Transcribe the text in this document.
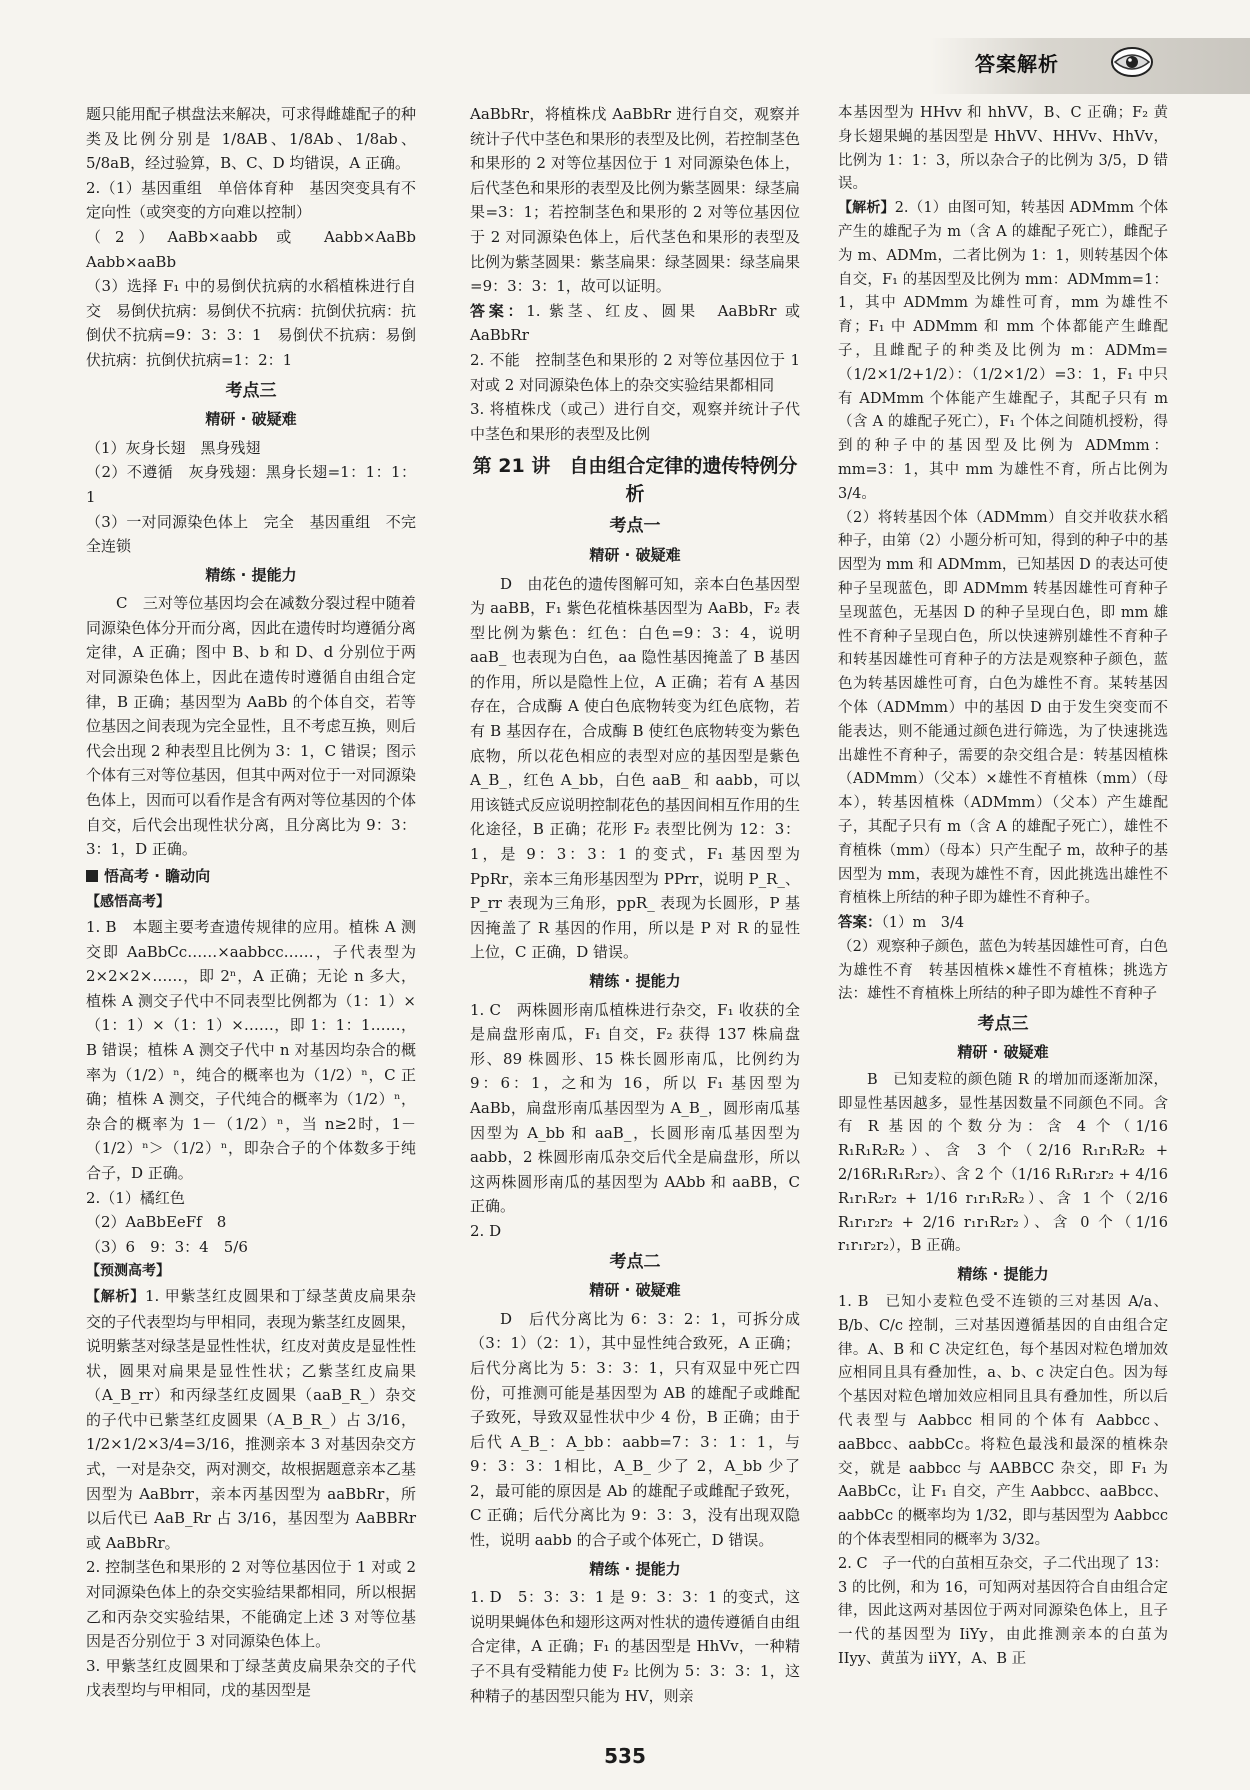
答案解析

题只能用配子棋盘法来解决，可求得雌雄配子的种类及比例分别是 1/8AB、1/8Ab、1/8ab、5/8aB，经过验算，B、C、D 均错误，A 正确。

2.（1）基因重组　单倍体育种　基因突变具有不定向性（或突变的方向难以控制）

（2）AaBb×aabb 或 Aabb×AaBb　Aabb×aaBb

（3）选择 F₁ 中的易倒伏抗病的水稻植株进行自交　易倒伏抗病：易倒伏不抗病：抗倒伏抗病：抗倒伏不抗病=9：3：3：1　易倒伏不抗病：易倒伏抗病：抗倒伏抗病=1：2：1

考点三
精研 · 破疑难

（1）灰身长翅　黑身残翅

（2）不遵循　灰身残翅：黑身长翅=1：1：1：1

（3）一对同源染色体上　完全　基因重组　不完全连锁

精练 · 提能力

C　三对等位基因均会在减数分裂过程中随着同源染色体分开而分离，因此在遗传时均遵循分离定律，A 正确；图中 B、b 和 D、d 分别位于两对同源染色体上，因此在遗传时遵循自由组合定律，B 正确；基因型为 AaBb 的个体自交，若等位基因之间表现为完全显性，且不考虑互换，则后代会出现 2 种表型且比例为 3：1，C 错误；图示个体有三对等位基因，但其中两对位于一对同源染色体上，因而可以看作是含有两对等位基因的个体自交，后代会出现性状分离，且分离比为 9：3：3：1，D 正确。

悟高考 · 瞻动向
【感悟高考】

1. B　本题主要考查遗传规律的应用。植株 A 测交即 AaBbCc……×aabbcc……，子代表型为2×2×2×……，即 2ⁿ，A 正确；无论 n 多大，植株 A 测交子代中不同表型比例都为（1：1）×（1：1）×（1：1）×……，即 1：1：1……，B 错误；植株 A 测交子代中 n 对基因均杂合的概率为（1/2）ⁿ，纯合的概率也为（1/2）ⁿ，C 正确；植株 A 测交，子代纯合的概率为（1/2）ⁿ，杂合的概率为 1－（1/2）ⁿ，当 n≥2时，1－（1/2）ⁿ＞（1/2）ⁿ，即杂合子的个体数多于纯合子，D 正确。

2.（1）橘红色

（2）AaBbEeFf　8

（3）6　9：3：4　5/6

【预测高考】

【解析】1. 甲紫茎红皮圆果和丁绿茎黄皮扁果杂交的子代表型均与甲相同，表现为紫茎红皮圆果，说明紫茎对绿茎是显性性状，红皮对黄皮是显性性状，圆果对扁果是显性性状；乙紫茎红皮扁果（A_B_rr）和丙绿茎红皮圆果（aaB_R_）杂交的子代中已紫茎红皮圆果（A_B_R_）占 3/16，1/2×1/2×3/4=3/16，推测亲本 3 对基因杂交方式，一对是杂交，两对测交，故根据题意亲本乙基因型为 AaBbrr，亲本丙基因型为 aaBbRr，所以后代已 AaB_Rr 占 3/16，基因型为 AaBBRr 或 AaBbRr。

2. 控制茎色和果形的 2 对等位基因位于 1 对或 2 对同源染色体上的杂交实验结果都相同，所以根据乙和丙杂交实验结果，不能确定上述 3 对等位基因是否分别位于 3 对同源染色体上。

3. 甲紫茎红皮圆果和丁绿茎黄皮扁果杂交的子代戊表型均与甲相同，戊的基因型是

AaBbRr，将植株戊 AaBbRr 进行自交，观察并统计子代中茎色和果形的表型及比例，若控制茎色和果形的 2 对等位基因位于 1 对同源染色体上，后代茎色和果形的表型及比例为紫茎圆果：绿茎扁果=3：1；若控制茎色和果形的 2 对等位基因位于 2 对同源染色体上，后代茎色和果形的表型及比例为紫茎圆果：紫茎扁果：绿茎圆果：绿茎扁果=9：3：3：1，故可以证明。

答案：1. 紫茎、红皮、圆果　AaBbRr 或 AaBbRr

2. 不能　控制茎色和果形的 2 对等位基因位于 1 对或 2 对同源染色体上的杂交实验结果都相同

3. 将植株戊（或己）进行自交，观察并统计子代中茎色和果形的表型及比例

第 21 讲　自由组合定律的遗传特例分析
考点一
精研 · 破疑难

D　由花色的遗传图解可知，亲本白色基因型为 aaBB，F₁ 紫色花植株基因型为 AaBb，F₂ 表型比例为紫色：红色：白色=9：3：4，说明 aaB_ 也表现为白色，aa 隐性基因掩盖了 B 基因的作用，所以是隐性上位，A 正确；若有 A 基因存在，合成酶 A 使白色底物转变为红色底物，若有 B 基因存在，合成酶 B 使红色底物转变为紫色底物，所以花色相应的表型对应的基因型是紫色 A_B_，红色 A_bb，白色 aaB_ 和 aabb，可以用该链式反应说明控制花色的基因间相互作用的生化途径，B 正确；花形 F₂ 表型比例为 12：3：1，是 9：3：3：1 的变式，F₁ 基因型为 PpRr，亲本三角形基因型为 PPrr，说明 P_R_、P_rr 表现为三角形，ppR_ 表现为长圆形，P 基因掩盖了 R 基因的作用，所以是 P 对 R 的显性上位，C 正确，D 错误。

精练 · 提能力

1. C　两株圆形南瓜植株进行杂交，F₁ 收获的全是扁盘形南瓜，F₁ 自交，F₂ 获得 137 株扁盘形、89 株圆形、15 株长圆形南瓜，比例约为 9：6：1，之和为 16，所以 F₁ 基因型为 AaBb，扁盘形南瓜基因型为 A_B_，圆形南瓜基因型为 A_bb 和 aaB_，长圆形南瓜基因型为 aabb，2 株圆形南瓜杂交后代全是扁盘形，所以这两株圆形南瓜的基因型为 AAbb 和 aaBB，C 正确。

2. D

考点二
精研 · 破疑难

D　后代分离比为 6：3：2：1，可拆分成（3：1）（2：1），其中显性纯合致死，A 正确；后代分离比为 5：3：3：1，只有双显中死亡四份，可推测可能是基因型为 AB 的雄配子或雌配子致死，导致双显性状中少 4 份，B 正确；由于后代 A_B_：A_bb：aabb=7：3：1：1，与 9：3：3：1相比，A_B_ 少了 2，A_bb 少了 2，最可能的原因是 Ab 的雄配子或雌配子致死，C 正确；后代分离比为 9：3：3，没有出现双隐性，说明 aabb 的合子或个体死亡，D 错误。

精练 · 提能力

1. D　5：3：3：1 是 9：3：3：1 的变式，这说明果蝇体色和翅形这两对性状的遗传遵循自由组合定律，A 正确；F₁ 的基因型是 HhVv，一种精子不具有受精能力使 F₂ 比例为 5：3：3：1，这种精子的基因型只能为 HV，则亲

本基因型为 HHvv 和 hhVV，B、C 正确；F₂ 黄身长翅果蝇的基因型是 HhVV、HHVv、HhVv，比例为 1：1：3，所以杂合子的比例为 3/5，D 错误。

【解析】2.（1）由图可知，转基因 ADMmm 个体产生的雄配子为 m（含 A 的雄配子死亡），雌配子为 m、ADMm，二者比例为 1：1，则转基因个体自交，F₁ 的基因型及比例为 mm：ADMmm=1：1，其中 ADMmm 为雄性可育，mm 为雄性不育；F₁ 中 ADMmm 和 mm 个体都能产生雌配子，且雌配子的种类及比例为 m：ADMm=（1/2×1/2+1/2）：（1/2×1/2）=3：1，F₁ 中只有 ADMmm 个体能产生雄配子，其配子只有 m（含 A 的雄配子死亡），F₁ 个体之间随机授粉，得到的种子中的基因型及比例为 ADMmm：mm=3：1，其中 mm 为雄性不育，所占比例为 3/4。

（2）将转基因个体（ADMmm）自交并收获水稻种子，由第（2）小题分析可知，得到的种子中的基因型为 mm 和 ADMmm，已知基因 D 的表达可使种子呈现蓝色，即 ADMmm 转基因雄性可育种子呈现蓝色，无基因 D 的种子呈现白色，即 mm 雄性不育种子呈现白色，所以快速辨别雄性不育种子和转基因雄性可育种子的方法是观察种子颜色，蓝色为转基因雄性可育，白色为雄性不育。某转基因个体（ADMmm）中的基因 D 由于发生突变而不能表达，则不能通过颜色进行筛选，为了快速挑选出雄性不育种子，需要的杂交组合是：转基因植株（ADMmm）（父本）×雄性不育植株（mm）（母本），转基因植株（ADMmm）（父本）产生雄配子，其配子只有 m（含 A 的雄配子死亡），雄性不育植株（mm）（母本）只产生配子 m，故种子的基因型为 mm，表现为雄性不育，因此挑选出雄性不育植株上所结的种子即为雄性不育种子。

答案：（1）m　3/4

（2）观察种子颜色，蓝色为转基因雄性可育，白色为雄性不育　转基因植株×雄性不育植株；挑选方法：雄性不育植株上所结的种子即为雄性不育种子

考点三
精研 · 破疑难

B　已知麦粒的颜色随 R 的增加而逐渐加深，即显性基因越多，显性基因数量不同颜色不同。含有 R 基因的个数分为：含 4 个（1/16 R₁R₁R₂R₂）、含 3 个（2/16 R₁r₁R₂R₂ + 2/16R₁R₁R₂r₂）、含 2 个（1/16 R₁R₁r₂r₂ + 4/16 R₁r₁R₂r₂ + 1/16 r₁r₁R₂R₂）、含 1 个（2/16 R₁r₁r₂r₂ + 2/16 r₁r₁R₂r₂）、含 0 个（1/16 r₁r₁r₂r₂），B 正确。

精练 · 提能力

1. B　已知小麦粒色受不连锁的三对基因 A/a、B/b、C/c 控制，三对基因遵循基因的自由组合定律。A、B 和 C 决定红色，每个基因对粒色增加效应相同且具有叠加性，a、b、c 决定白色。因为每个基因对粒色增加效应相同且具有叠加性，所以后代表型与 Aabbcc 相同的个体有 Aabbcc、aaBbcc、aabbCc。将粒色最浅和最深的植株杂交，就是 aabbcc 与 AABBCC 杂交，即 F₁ 为 AaBbCc，让 F₁ 自交，产生 Aabbcc、aaBbcc、aabbCc 的概率均为 1/32，即与基因型为 Aabbcc 的个体表型相同的概率为 3/32。

2. C　子一代的白茧相互杂交，子二代出现了 13：3 的比例，和为 16，可知两对基因符合自由组合定律，因此这两对基因位于两对同源染色体上，且子一代的基因型为 IiYy，由此推测亲本的白茧为 IIyy、黄茧为 iiYY，A、B 正

535
